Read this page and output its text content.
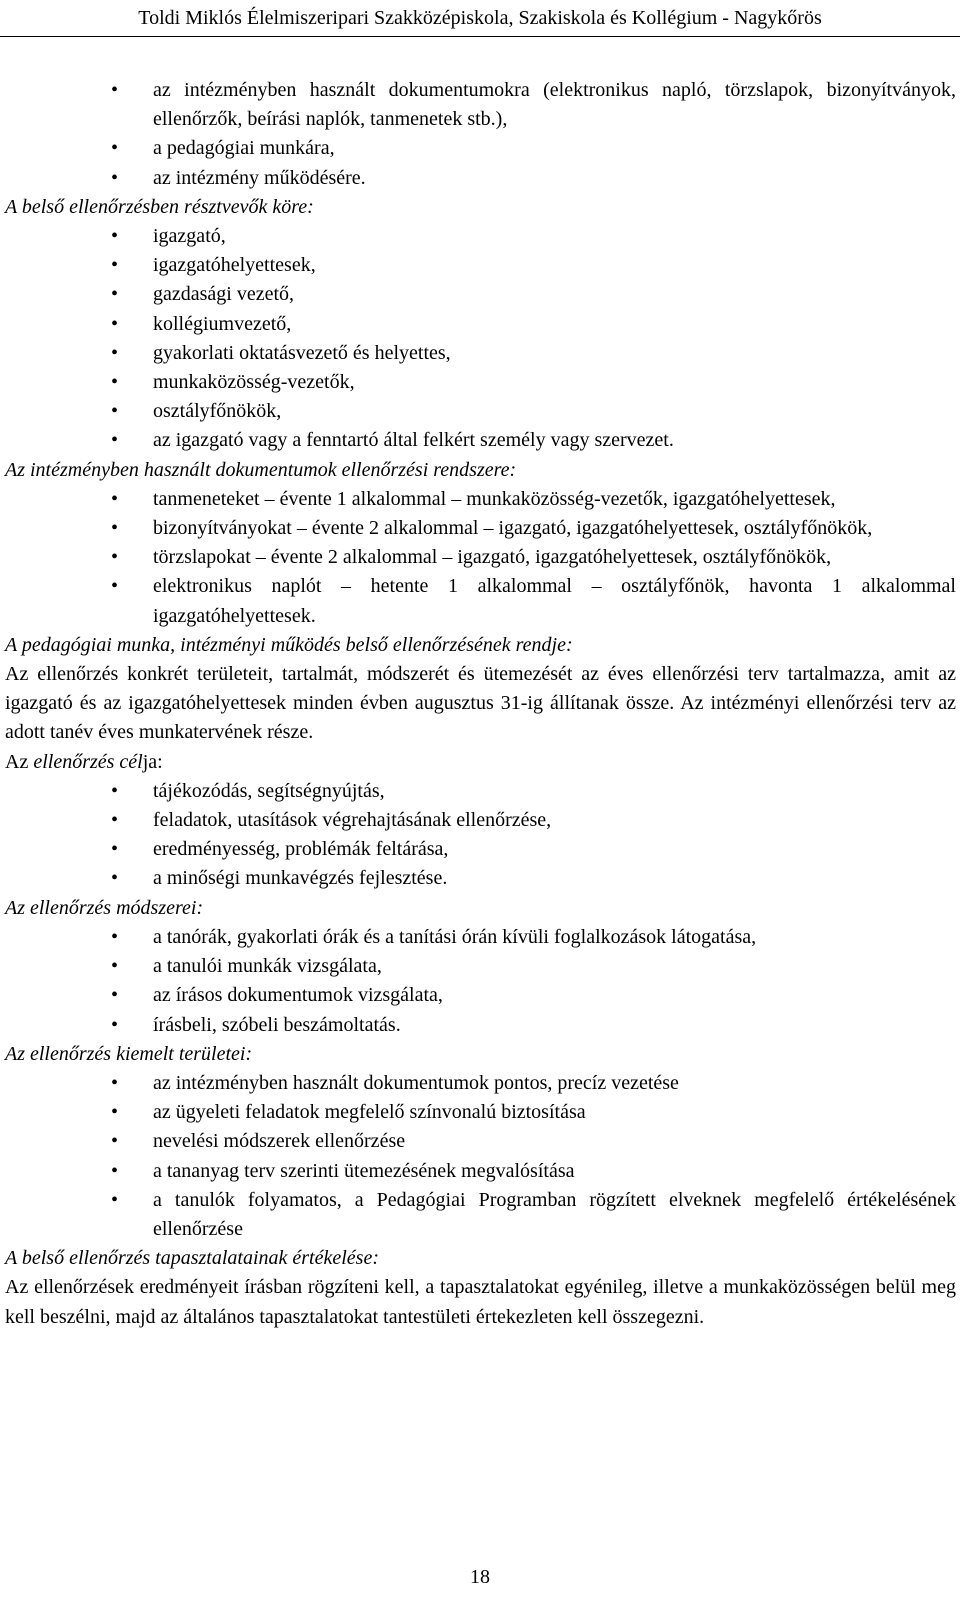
Toldi Miklós Élelmiszeripari Szakközépiskola, Szakiskola és Kollégium - Nagykőrös
• az intézményben használt dokumentumokra (elektronikus napló, törzslapok, bizonyítványok, ellenőrzők, beírási naplók, tanmenetek stb.),
• a pedagógiai munkára,
• az intézmény működésére.

A belső ellenőrzésben résztvevők köre:

• igazgató,
• igazgatóhelyettesek,
• gazdasági vezető,
• kollégiumvezető,
• gyakorlati oktatásvezető és helyettes,
• munkaközösség-vezetők,
• osztályfőnökök,
• az igazgató vagy a fenntartó által felkért személy vagy szervezet.

Az intézményben használt dokumentumok ellenőrzési rendszere:

• tanmeneteket – évente 1 alkalommal – munkaközösség-vezetők, igazgatóhelyettesek,
• bizonyítványokat – évente 2 alkalommal – igazgató, igazgatóhelyettesek, osztályfőnökök,
• törzslapokat – évente 2 alkalommal – igazgató, igazgatóhelyettesek, osztályfőnökök,
• elektronikus naplót – hetente 1 alkalommal – osztályfőnök, havonta 1 alkalommal igazgatóhelyettesek.

A pedagógiai munka, intézményi működés belső ellenőrzésének rendje:

Az ellenőrzés konkrét területeit, tartalmát, módszerét és ütemezését az éves ellenőrzési terv tartalmazza, amit az igazgató és az igazgatóhelyettesek minden évben augusztus 31-ig állítanak össze. Az intézményi ellenőrzési terv az adott tanév éves munkatervének része.

Az ellenőrzés célja:

• tájékozódás, segítségnyújtás,
• feladatok, utasítások végrehajtásának ellenőrzése,
• eredményesség, problémák feltárása,
• a minőségi munkavégzés fejlesztése.

Az ellenőrzés módszerei:

• a tanórák, gyakorlati órák és a tanítási órán kívüli foglalkozások látogatása,
• a tanulói munkák vizsgálata,
• az írásos dokumentumok vizsgálata,
• írásbeli, szóbeli beszámoltatás.

Az ellenőrzés kiemelt területei:

• az intézményben használt dokumentumok pontos, precíz vezetése
• az ügyeleti feladatok megfelelő színvonalú biztosítása
• nevelési módszerek ellenőrzése
• a tananyag terv szerinti ütemezésének megvalósítása
• a tanulók folyamatos, a Pedagógiai Programban rögzített elveknek megfelelő értékelésének ellenőrzése

A belső ellenőrzés tapasztalatainak értékelése:

Az ellenőrzések eredményeit írásban rögzíteni kell, a tapasztalatokat egyénileg, illetve a munkaközösségen belül meg kell beszélni, majd az általános tapasztalatokat tantestületi értekezleten kell összegezni.

18
